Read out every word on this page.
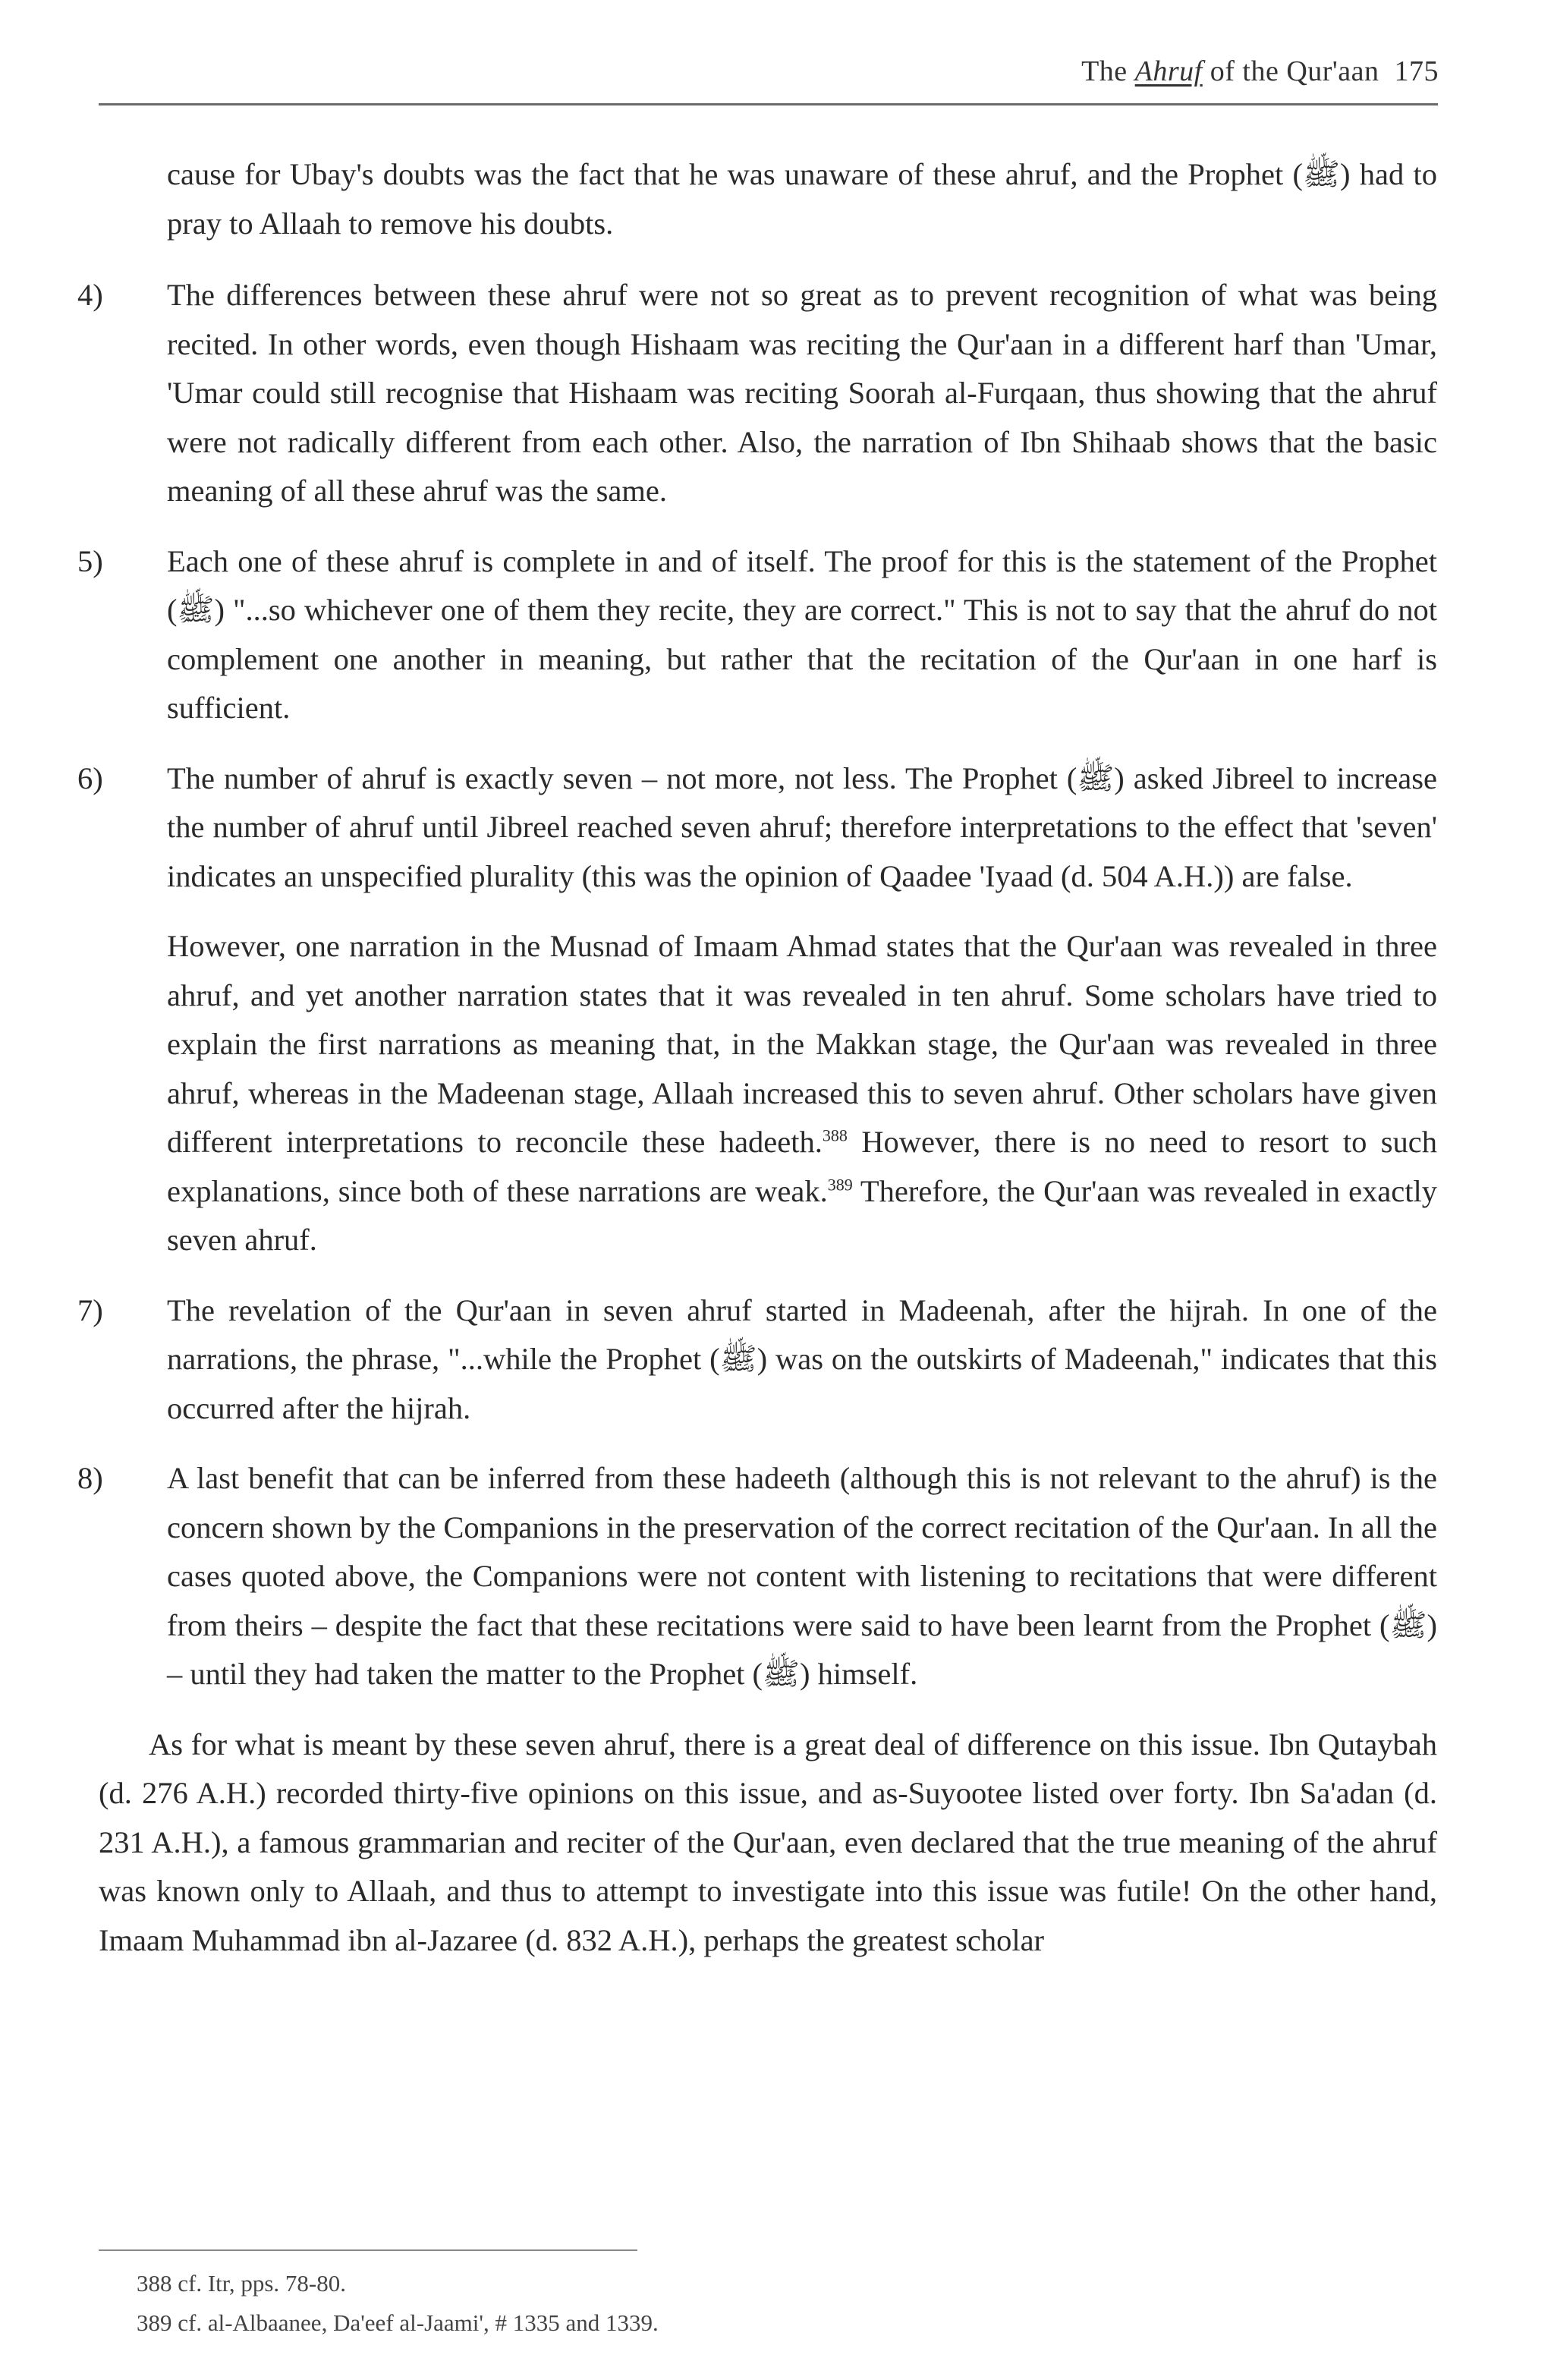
The Ahruf of the Qur'aan 175

cause for Ubay's doubts was the fact that he was unaware of these ahruf, and the Prophet (ﷺ) had to pray to Allaah to remove his doubts.

4)	The differences between these ahruf were not so great as to prevent recognition of what was being recited. In other words, even though Hishaam was reciting the Qur'aan in a different harf than 'Umar, 'Umar could still recognise that Hishaam was reciting Soorah al-Furqaan, thus showing that the ahruf were not radically different from each other. Also, the narration of Ibn Shihaab shows that the basic meaning of all these ahruf was the same.

5)	Each one of these ahruf is complete in and of itself. The proof for this is the statement of the Prophet (ﷺ) "...so whichever one of them they recite, they are correct." This is not to say that the ahruf do not complement one another in meaning, but rather that the recitation of the Qur'aan in one harf is sufficient.

6)	The number of ahruf is exactly seven – not more, not less. The Prophet (ﷺ) asked Jibreel to increase the number of ahruf until Jibreel reached seven ahruf; therefore interpretations to the effect that 'seven' indicates an unspecified plurality (this was the opinion of Qaadee 'Iyaad (d. 504 A.H.)) are false.

However, one narration in the Musnad of Imaam Ahmad states that the Qur'aan was revealed in three ahruf, and yet another narration states that it was revealed in ten ahruf. Some scholars have tried to explain the first narrations as meaning that, in the Makkan stage, the Qur'aan was revealed in three ahruf, whereas in the Madeenan stage, Allaah increased this to seven ahruf. Other scholars have given different interpretations to reconcile these hadeeth.$^{388}$ However, there is no need to resort to such explanations, since both of these narrations are weak.$^{389}$ Therefore, the Qur'aan was revealed in exactly seven ahruf.

7)	The revelation of the Qur'aan in seven ahruf started in Madeenah, after the hijrah. In one of the narrations, the phrase, "...while the Prophet (ﷺ) was on the outskirts of Madeenah," indicates that this occurred after the hijrah.

8)	A last benefit that can be inferred from these hadeeth (although this is not relevant to the ahruf) is the concern shown by the Companions in the preservation of the correct recitation of the Qur'aan. In all the cases quoted above, the Companions were not content with listening to recitations that were different from theirs – despite the fact that these recitations were said to have been learnt from the Prophet (ﷺ) – until they had taken the matter to the Prophet (ﷺ) himself.

As for what is meant by these seven ahruf, there is a great deal of difference on this issue. Ibn Qutaybah (d. 276 A.H.) recorded thirty-five opinions on this issue, and as-Suyootee listed over forty. Ibn Sa'adan (d. 231 A.H.), a famous grammarian and reciter of the Qur'aan, even declared that the true meaning of the ahruf was known only to Allaah, and thus to attempt to investigate into this issue was futile! On the other hand, Imaam Muhammad ibn al-Jazaree (d. 832 A.H.), perhaps the greatest scholar

388 cf. Itr, pps. 78-80.
389 cf. al-Albaanee, Da'eef al-Jaami', # 1335 and 1339.
